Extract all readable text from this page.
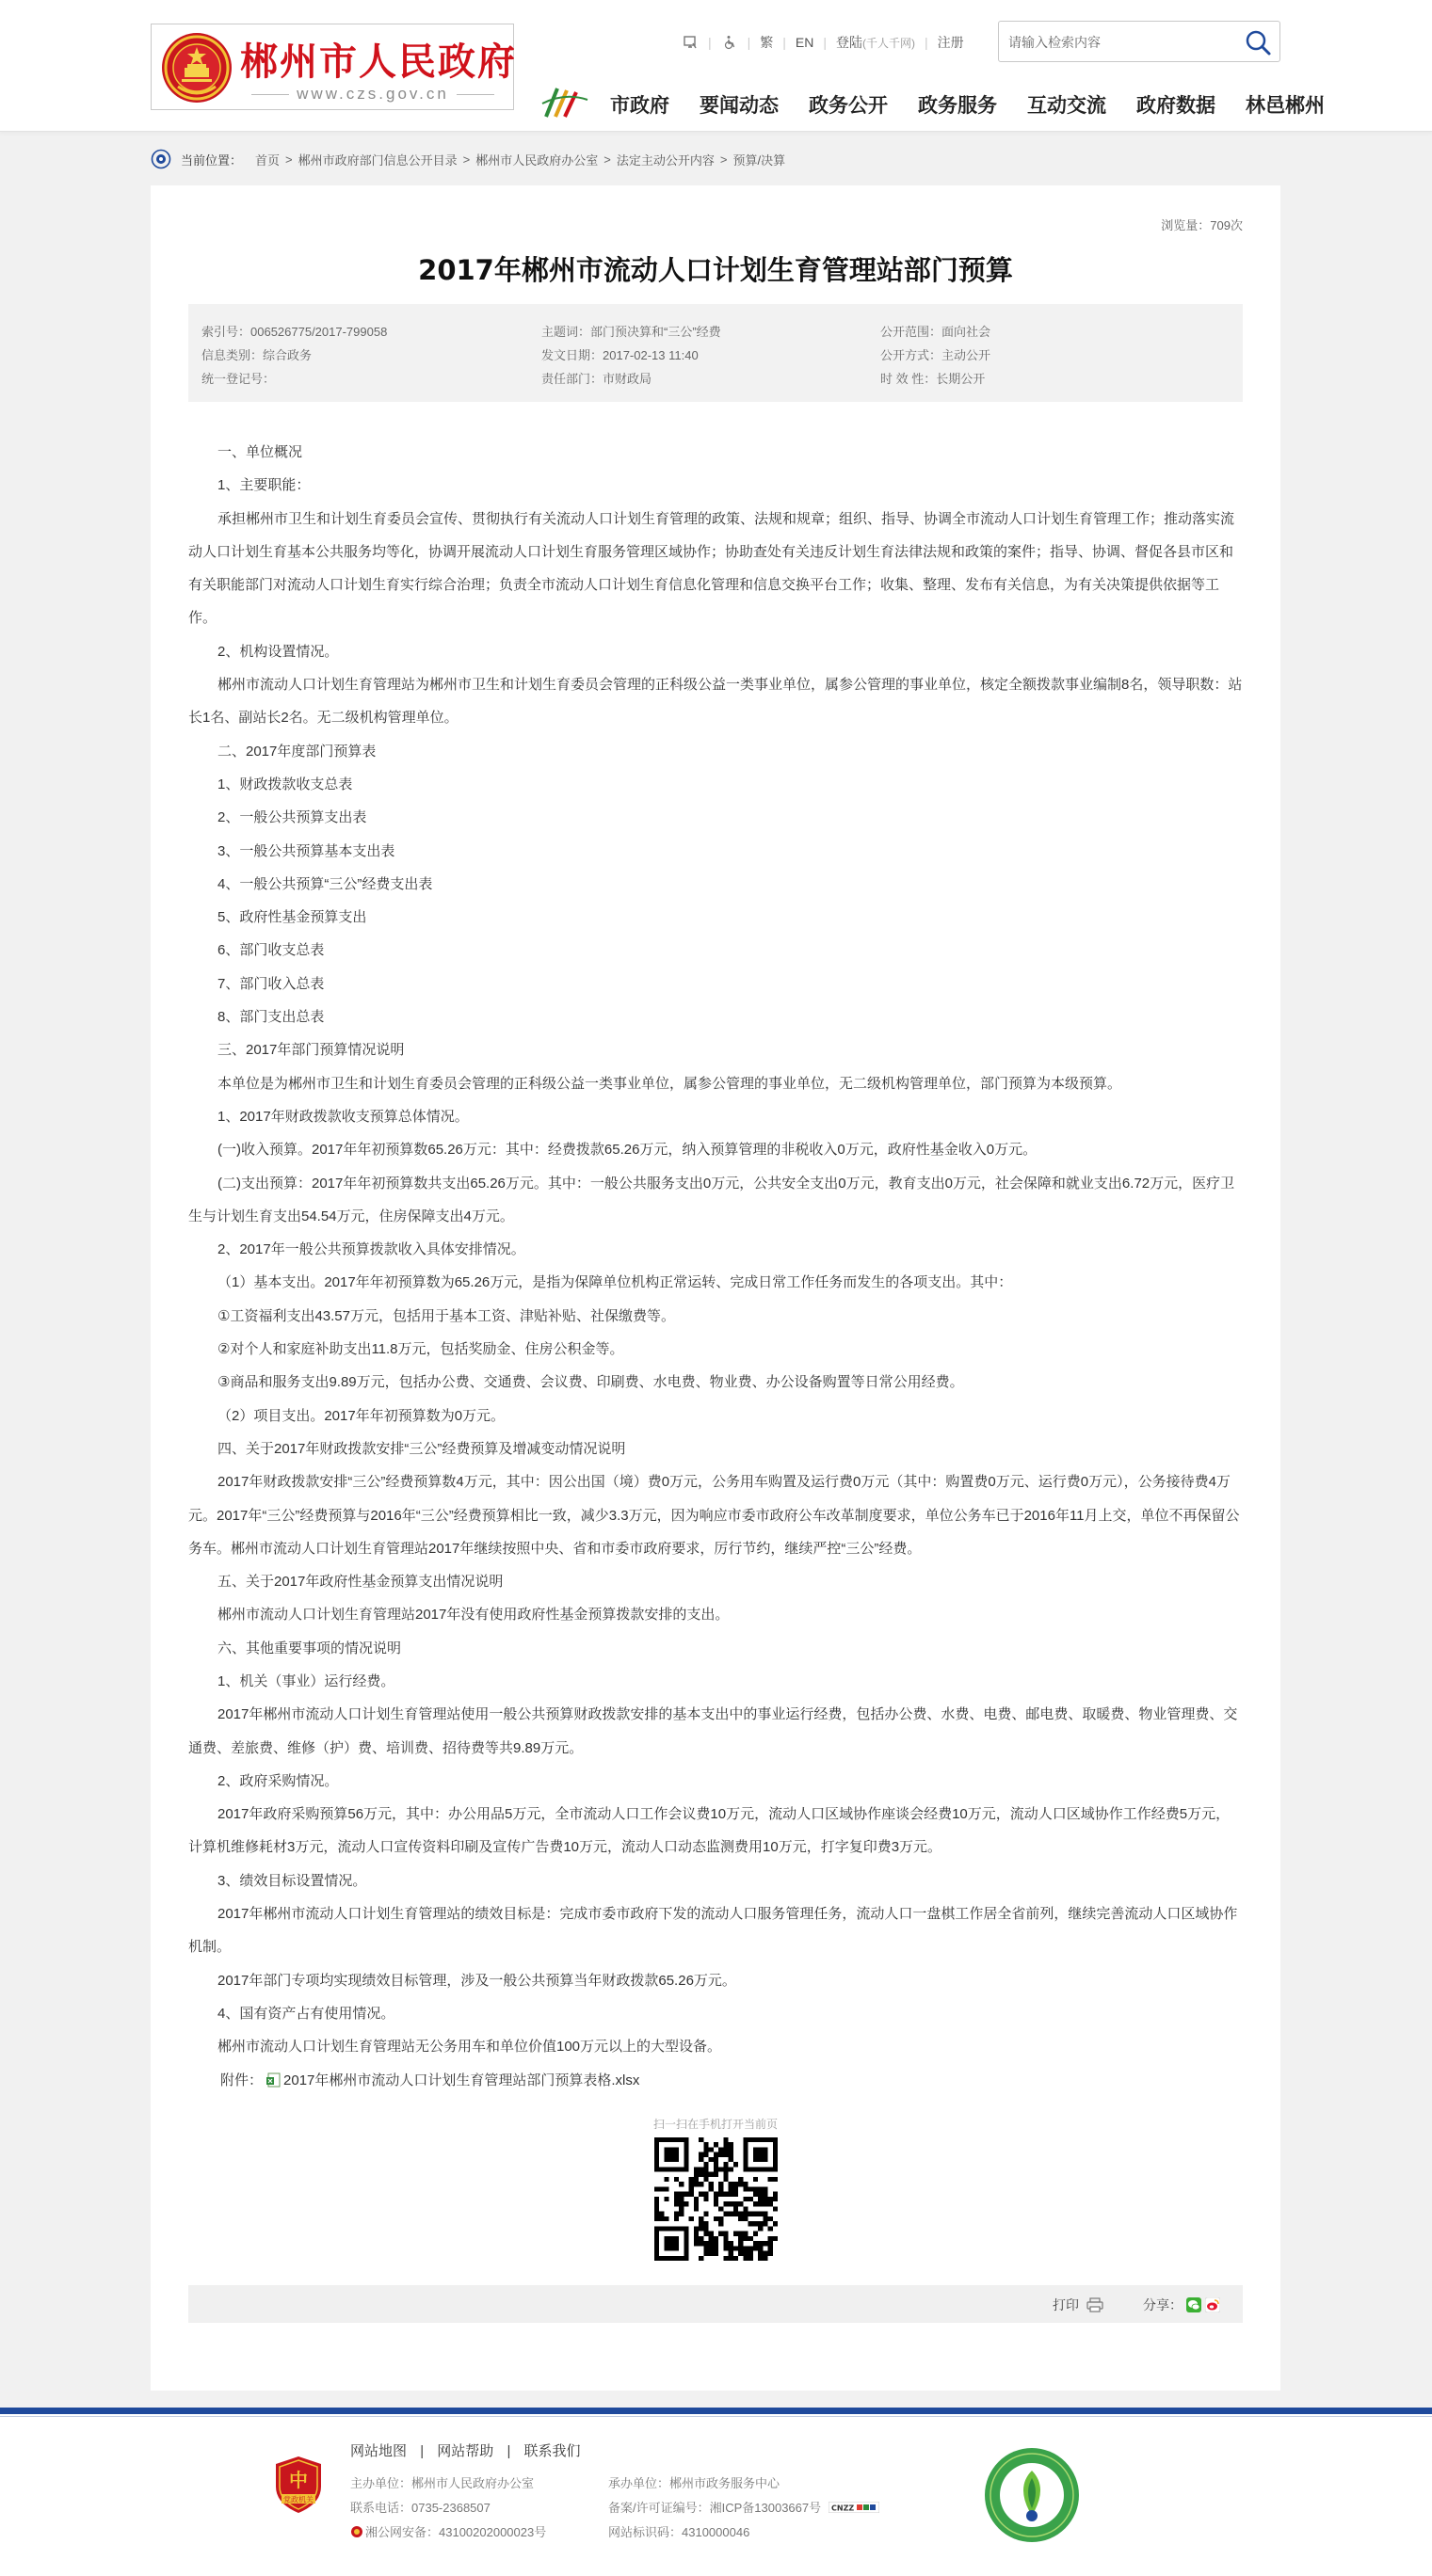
郴州市人民政府
www.czs.gov.cn
|	| 繁 | EN | 登陆 (千人千网) | 注册
请输入检索内容
市政府 要闻动态 政务公开 政务服务 互动交流 政府数据 林邑郴州
当前位置： 首页 > 郴州市政府部门信息公开目录 > 郴州市人民政府办公室 > 法定主动公开内容 > 预算/决算
浏览量：709次
2017年郴州市流动人口计划生育管理站部门预算
索引号：006526775/2017-799058
信息类别：综合政务
统一登记号：
主题词：部门预决算和“三公”经费
发文日期：2017-02-13 11:40
责任部门：市财政局
公开范围：面向社会
公开方式：主动公开
时 效 性：长期公开

一、单位概况

1、主要职能：

承担郴州市卫生和计划生育委员会宣传、贯彻执行有关流动人口计划生育管理的政策、法规和规章；组织、指导、协调全市流动人口计划生育管理工作；推动落实流动人口计划生育基本公共服务均等化，协调开展流动人口计划生育服务管理区域协作；协助查处有关违反计划生育法律法规和政策的案件；指导、协调、督促各县市区和有关职能部门对流动人口计划生育实行综合治理；负责全市流动人口计划生育信息化管理和信息交换平台工作；收集、整理、发布有关信息，为有关决策提供依据等工作。

2、机构设置情况。

郴州市流动人口计划生育管理站为郴州市卫生和计划生育委员会管理的正科级公益一类事业单位，属参公管理的事业单位，核定全额拨款事业编制8名，领导职数：站长1名、副站长2名。无二级机构管理单位。

二、2017年度部门预算表

1、财政拨款收支总表

2、一般公共预算支出表

3、一般公共预算基本支出表

4、一般公共预算“三公”经费支出表

5、政府性基金预算支出

6、部门收支总表

7、部门收入总表

8、部门支出总表

三、2017年部门预算情况说明

本单位是为郴州市卫生和计划生育委员会管理的正科级公益一类事业单位，属参公管理的事业单位，无二级机构管理单位，部门预算为本级预算。

1、2017年财政拨款收支预算总体情况。

(一)收入预算。2017年年初预算数65.26万元：其中：经费拨款65.26万元，纳入预算管理的非税收入0万元，政府性基金收入0万元。

(二)支出预算：2017年年初预算数共支出65.26万元。其中：一般公共服务支出0万元，公共安全支出0万元，教育支出0万元，社会保障和就业支出6.72万元，医疗卫生与计划生育支出54.54万元，住房保障支出4万元。

2、2017年一般公共预算拨款收入具体安排情况。

（1）基本支出。2017年年初预算数为65.26万元，是指为保障单位机构正常运转、完成日常工作任务而发生的各项支出。其中：

①工资福利支出43.57万元，包括用于基本工资、津贴补贴、社保缴费等。

②对个人和家庭补助支出11.8万元，包括奖励金、住房公积金等。

③商品和服务支出9.89万元，包括办公费、交通费、会议费、印刷费、水电费、物业费、办公设备购置等日常公用经费。

（2）项目支出。2017年年初预算数为0万元。

四、关于2017年财政拨款安排“三公”经费预算及增减变动情况说明

2017年财政拨款安排“三公”经费预算数4万元，其中：因公出国（境）费0万元，公务用车购置及运行费0万元（其中：购置费0万元、运行费0万元），公务接待费4万元。2017年“三公”经费预算与2016年“三公”经费预算相比一致，减少3.3万元，因为响应市委市政府公车改革制度要求，单位公务车已于2016年11月上交，单位不再保留公务车。郴州市流动人口计划生育管理站2017年继续按照中央、省和市委市政府要求，厉行节约，继续严控“三公”经费。

五、关于2017年政府性基金预算支出情况说明

郴州市流动人口计划生育管理站2017年没有使用政府性基金预算拨款安排的支出。

六、其他重要事项的情况说明

1、机关（事业）运行经费。

2017年郴州市流动人口计划生育管理站使用一般公共预算财政拨款安排的基本支出中的事业运行经费，包括办公费、水费、电费、邮电费、取暖费、物业管理费、交通费、差旅费、维修（护）费、培训费、招待费等共9.89万元。

2、政府采购情况。

2017年政府采购预算56万元，其中：办公用品5万元，全市流动人口工作会议费10万元，流动人口区域协作座谈会经费10万元，流动人口区域协作工作经费5万元，计算机维修耗材3万元，流动人口宣传资料印刷及宣传广告费10万元，流动人口动态监测费用10万元，打字复印费3万元。

3、绩效目标设置情况。

2017年郴州市流动人口计划生育管理站的绩效目标是：完成市委市政府下发的流动人口服务管理任务，流动人口一盘棋工作居全省前列，继续完善流动人口区域协作机制。

2017年部门专项均实现绩效目标管理，涉及一般公共预算当年财政拨款65.26万元。

4、国有资产占有使用情况。

郴州市流动人口计划生育管理站无公务用车和单位价值100万元以上的大型设备。

附件： 2017年郴州市流动人口计划生育管理站部门预算表格.xlsx

扫一扫在手机打开当前页
打印	分享：
中
党政机关
网站地图 | 网站帮助 | 联系我们
主办单位：郴州市人民政府办公室
联系电话：0735-2368507
湘公网安备：43100202000023号
承办单位：郴州市政务服务中心
备案/许可证编号：湘ICP备13003667号 CNZZ
网站标识码：4310000046
